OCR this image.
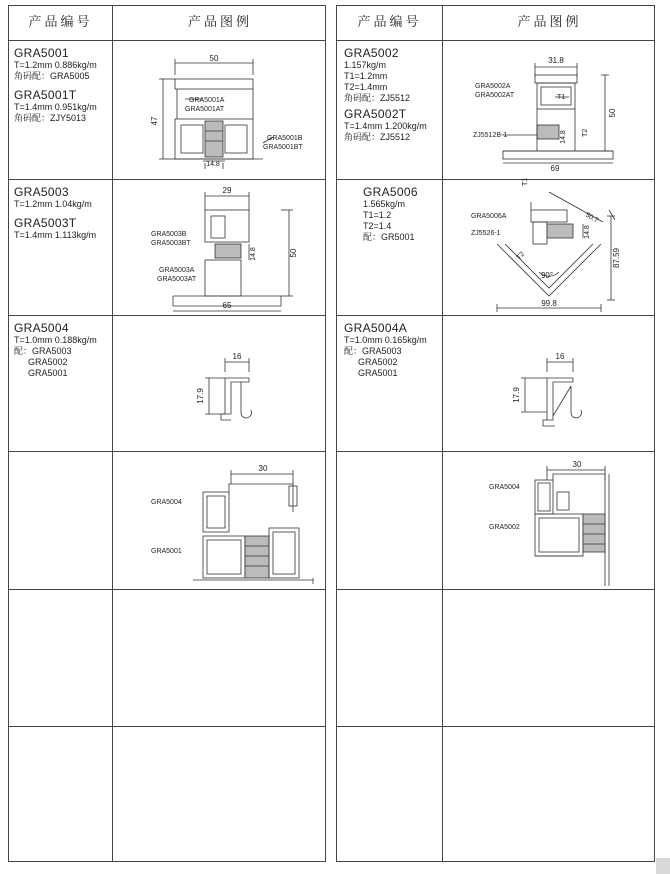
产品编号	产品图例
GRA5001
T=1.2mm 0.886kg/m
角码配：GRA5005
GRA5001T
T=1.4mm 0.951kg/m
角码配：ZJY5013
50
47
14.8
GRA5001A
GRA5001AT
GRA5001B
GRA5001BT
GRA5003
T=1.2mm 1.04kg/m
GRA5003T
T=1.4mm 1.113kg/m
29
50
14.8
65
GRA5003B
GRA5003BT
GRA5003A
GRA5003AT
GRA5004
T=1.0mm 0.188kg/m
配：GRA5003
GRA5002
GRA5001
16
17.9
30
GRA5004
GRA5001
产品编号	产品图例
GRA5002
1.157kg/m
T1=1.2mm
T2=1.4mm
角码配：ZJ5512
GRA5002T
T=1.4mm 1.200kg/m
角码配：ZJ5512
31.8
50
14.8
69
T1
T2
GRA5002A
GRA5002AT
ZJ5512B-1
GRA5006
1.565kg/m
T1=1.2
T2=1.4
配：GR5001
T1
50.7
14.8
87.59
99.8
90°
T2
GRA5006A
ZJ5526-1
GRA5004A
T=1.0mm 0.165kg/m
配：GRA5003
GRA5002
GRA5001
16
17.9
30
GRA5004
GRA5002
